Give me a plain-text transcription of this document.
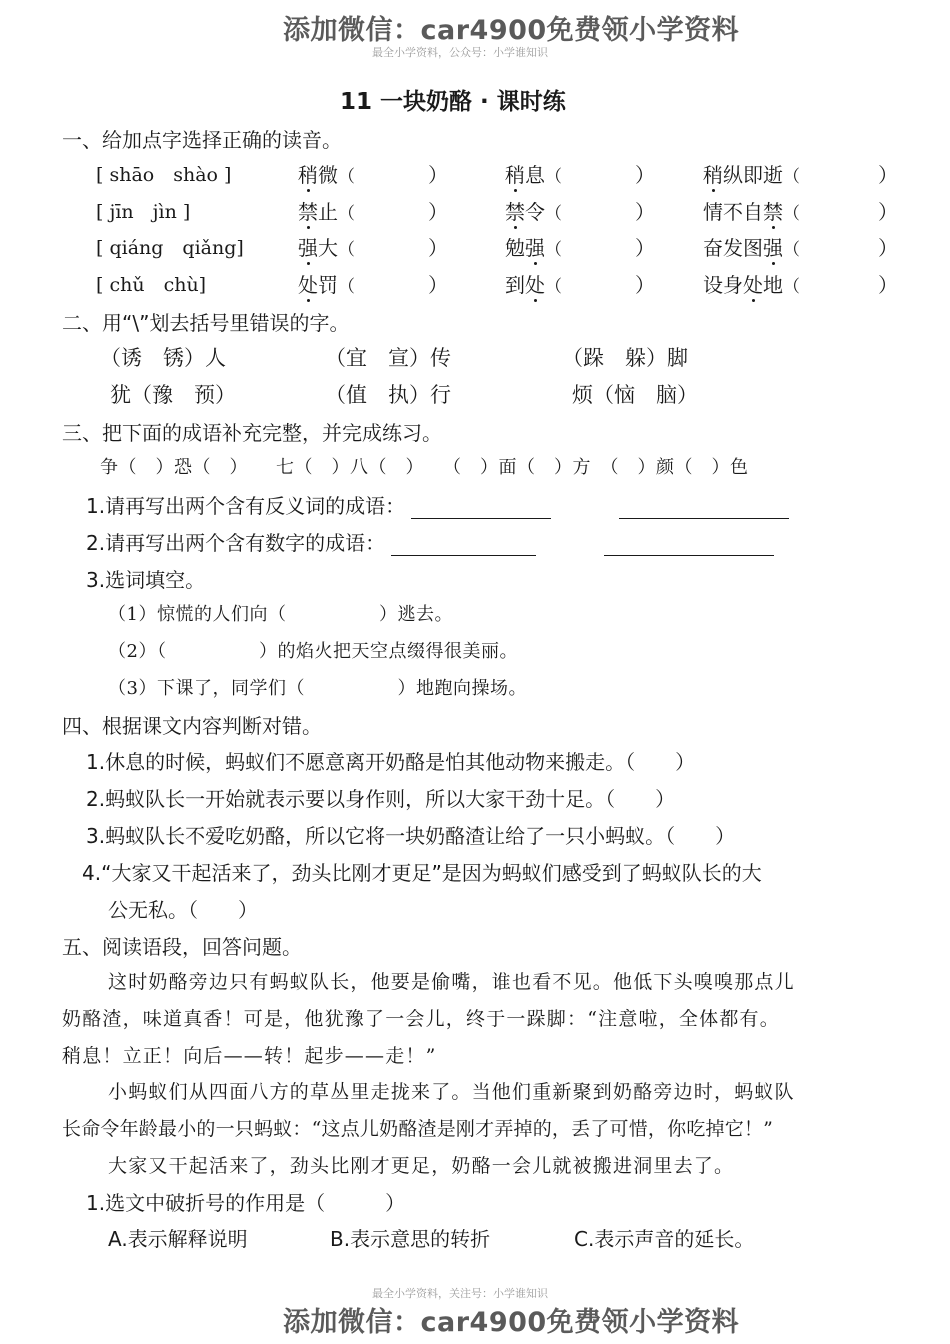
添加微信：car4900免费领小学资料
最全小学资料，公众号：小学谁知识
11 一块奶酪 · 课时练
一、给加点字选择正确的读音。
[ shāo　shào ]	稍微（	）	稍息（	） 稍纵即逝（	）
[ jīn　jìn ]	禁止（	）	禁令（	） 情不自禁（	）
[ qiáng　qiǎng]	强大（	）	勉强（	） 奋发图强（	）
[ chǔ　chù]	处罚（	）	到处（	） 设身处地（	）
二、用“\”划去括号里错误的字。
（诱　锈）人	（宜　宣）传	（跺　躲）脚
犹（豫　预）	（值　执）行	烦（恼　脑）
三、把下面的成语补充完整，并完成练习。
争（　）恐（　）　　七（　）八（　）　　（　）面（　）方　（　）颜（　）色
1.请再写出两个含有反义词的成语：
2.请再写出两个含有数字的成语：
3.选词填空。
（1）惊慌的人们向（　　　　　）逃去。
（2）（　　　　　）的焰火把天空点缀得很美丽。
（3）下课了，同学们（　　　　　）地跑向操场。
四、根据课文内容判断对错。
1.休息的时候，蚂蚁们不愿意离开奶酪是怕其他动物来搬走。（　　）
2.蚂蚁队长一开始就表示要以身作则，所以大家干劲十足。（　　）
3.蚂蚁队长不爱吃奶酪，所以它将一块奶酪渣让给了一只小蚂蚁。（　　）
4.“大家又干起活来了，劲头比刚才更足”是因为蚂蚁们感受到了蚂蚁队长的大
公无私。（　　）
五、阅读语段，回答问题。
这时奶酪旁边只有蚂蚁队长，他要是偷嘴，谁也看不见。他低下头嗅嗅那点儿
奶酪渣，味道真香！可是，他犹豫了一会儿，终于一跺脚：“注意啦，全体都有。
稍息！立正！向后——转！起步——走！”
小蚂蚁们从四面八方的草丛里走拢来了。当他们重新聚到奶酪旁边时，蚂蚁队
长命令年龄最小的一只蚂蚁：“这点儿奶酪渣是刚才弄掉的，丢了可惜，你吃掉它！”
大家又干起活来了，劲头比刚才更足，奶酪一会儿就被搬进洞里去了。
1.选文中破折号的作用是（　　　）
A.表示解释说明	B.表示意思的转折	C.表示声音的延长。
最全小学资料，关注号：小学谁知识
添加微信：car4900免费领小学资料
